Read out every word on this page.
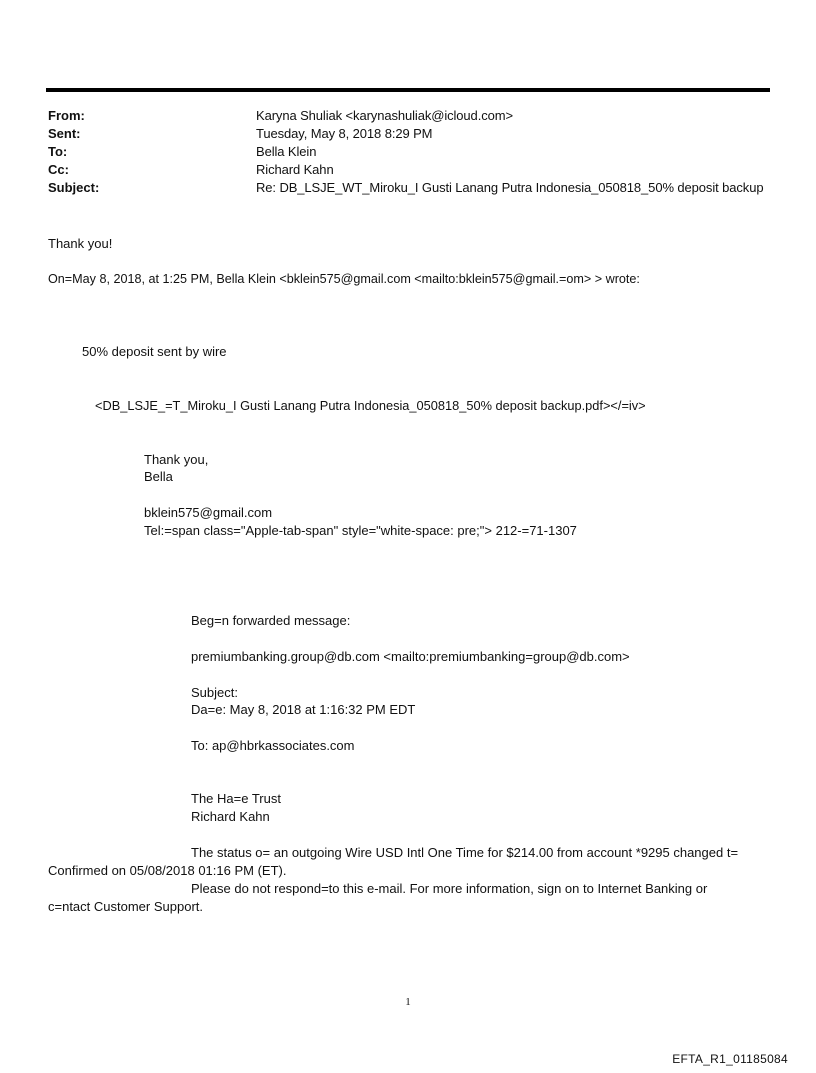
From:	Karyna Shuliak <karynashuliak@icloud.com>
Sent:	Tuesday, May 8, 2018 8:29 PM
To:	Bella Klein
Cc:	Richard Kahn
Subject:	Re: DB_LSJE_WT_Miroku_I Gusti Lanang Putra Indonesia_050818_50% deposit backup
Thank you!
On=May 8, 2018, at 1:25 PM, Bella Klein <bklein575@gmail.com <mailto:bklein575@gmail.=om> > wrote:
50% deposit sent by wire
<DB_LSJE_=T_Miroku_I Gusti Lanang Putra Indonesia_050818_50% deposit backup.pdf></=iv>
Thank you,
Bella
bklein575@gmail.com
Tel:=span class="Apple-tab-span" style="white-space: pre;"> 212-=71-1307
Beg=n forwarded message:
premiumbanking.group@db.com <mailto:premiumbanking=group@db.com>
Subject:
Da=e: May 8, 2018 at 1:16:32 PM EDT
To: ap@hbrkassociates.com
The Ha=e Trust
Richard Kahn
The status o= an outgoing Wire USD Intl One Time for $214.00 from account *9295 changed t=
Confirmed on 05/08/2018 01:16 PM (ET).
Please do not respond=to this e-mail. For more information, sign on to Internet Banking or
c=ntact Customer Support.
1
EFTA_R1_01185084
